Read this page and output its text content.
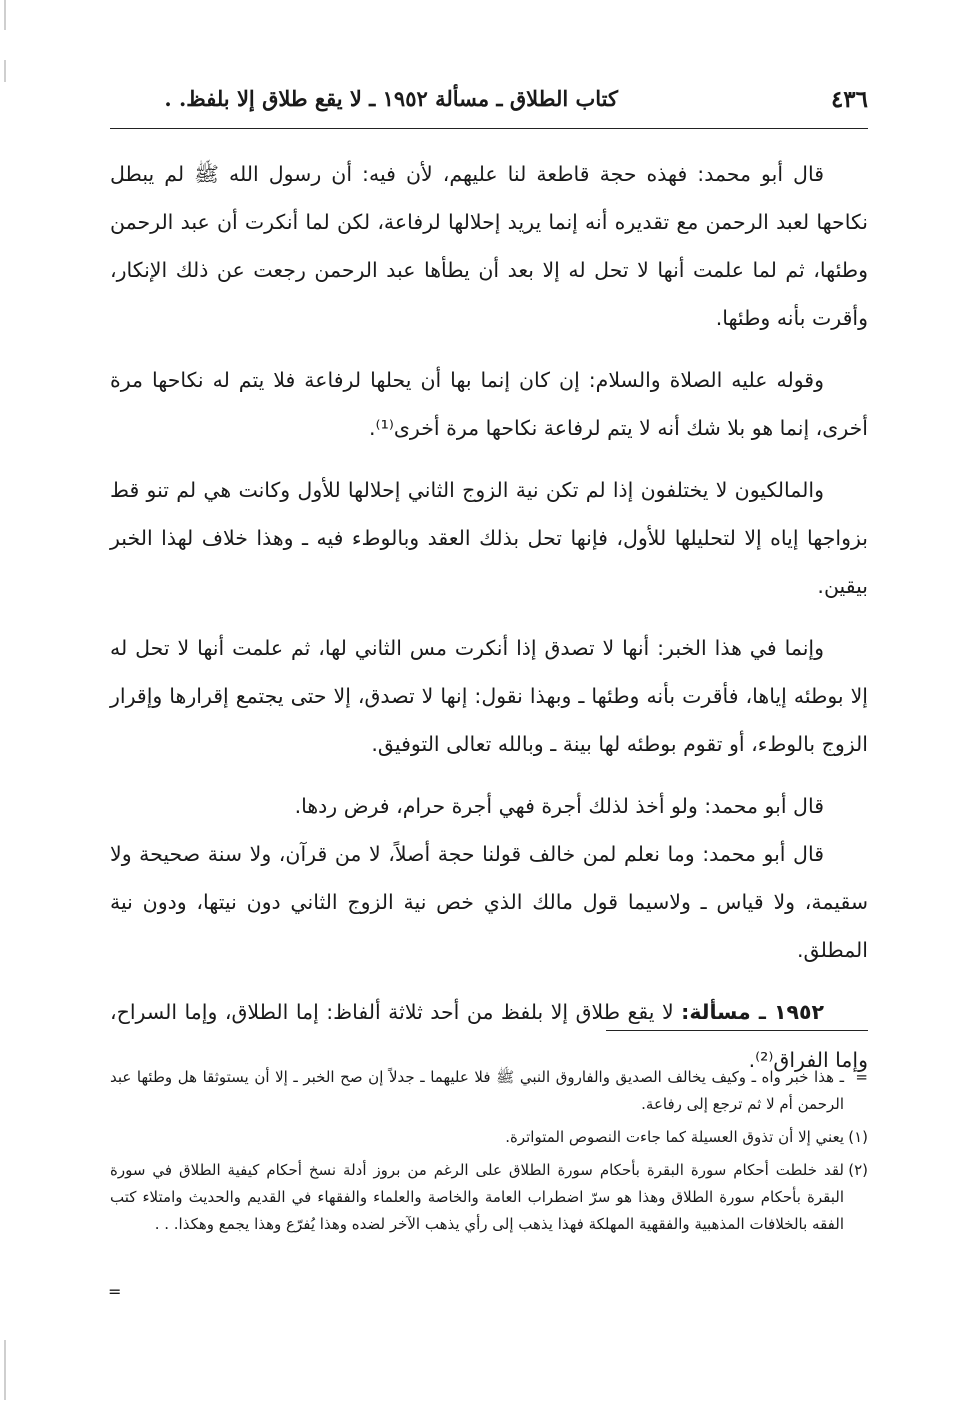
٤٣٦
كتاب الطلاق ـ مسألة ١٩٥٢ ـ لا يقع طلاق إلا بلفظ. .

قال أبو محمد: فهذه حجة قاطعة لنا عليهم، لأن فيه: أن رسول الله ﷺ لم يبطل نكاحها لعبد الرحمن مع تقديره أنه إنما يريد إحلالها لرفاعة، لكن لما أنكرت أن عبد الرحمن وطئها، ثم لما علمت أنها لا تحل له إلا بعد أن يطأها عبد الرحمن رجعت عن ذلك الإنكار، وأقرت بأنه وطئها.

وقوله عليه الصلاة والسلام: إن كان إنما بها أن يحلها لرفاعة فلا يتم له نكاحها مرة أخرى، إنما هو بلا شك أنه لا يتم لرفاعة نكاحها مرة أخرى⁽¹⁾.

والمالكيون لا يختلفون إذا لم تكن نية الزوج الثاني إحلالها للأول وكانت هي لم تنو قط بزواجها إياه إلا لتحليلها للأول، فإنها تحل بذلك العقد وبالوطء فيه ـ وهذا خلاف لهذا الخبر بيقين.

وإنما في هذا الخبر: أنها لا تصدق إذا أنكرت مس الثاني لها، ثم علمت أنها لا تحل له إلا بوطئه إياها، فأقرت بأنه وطئها ـ وبهذا نقول: إنها لا تصدق، إلا حتى يجتمع إقرارها وإقرار الزوج بالوطء، أو تقوم بوطئه لها بينة ـ وبالله تعالى التوفيق.

قال أبو محمد: ولو أخذ لذلك أجرة فهي أجرة حرام، فرض ردها.

قال أبو محمد: وما نعلم لمن خالف قولنا حجة أصلاً، لا من قرآن، ولا سنة صحيحة ولا سقيمة، ولا قياس ـ ولاسيما قول مالك الذي خص نية الزوج الثاني دون نيتها، ودون نية المطلق.

١٩٥٢ ـ مسألة: لا يقع طلاق إلا بلفظ من أحد ثلاثة ألفاظ: إما الطلاق، وإما السراح، وإما الفراق⁽²⁾.

=
ـ هذا خبر واه ـ وكيف يخالف الصديق والفاروق النبي ﷺ فلا عليهما ـ جدلاً إن صح الخبر ـ إلا أن يستوثقا هل وطئها عبد الرحمن أم لا ثم ترجع إلى رفاعة.

(١)
يعني إلا أن تذوق العسيلة كما جاءت النصوص المتواترة.

(٢)
لقد خلطت أحكام سورة البقرة بأحكام سورة الطلاق على الرغم من بروز أدلة نسخ أحكام كيفية الطلاق في سورة البقرة بأحكام سورة الطلاق وهذا هو سرّ اضطراب العامة والخاصة والعلماء والفقهاء في القديم والحديث وامتلاء كتب الفقه بالخلافات المذهبية والفقهية المهلكة فهذا يذهب إلى رأي يذهب الآخر لضده وهذا يُفرّع وهذا يجمع وهكذا. . .

=
